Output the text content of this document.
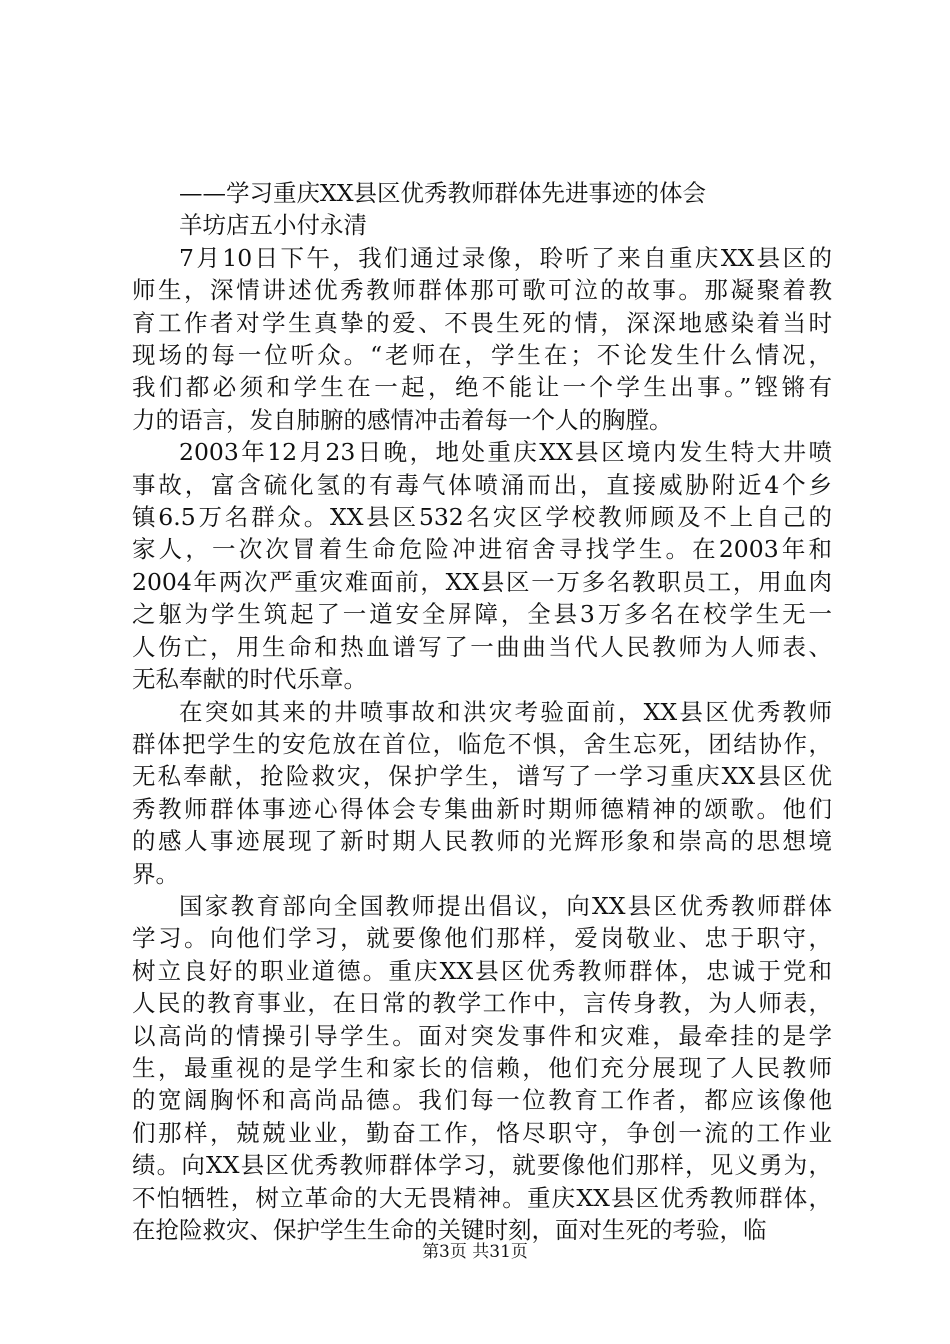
——学习重庆XX县区优秀教师群体先进事迹的体会
羊坊店五小付永清
7月10日下午，我们通过录像，聆听了来自重庆XX县区的
师生，深情讲述优秀教师群体那可歌可泣的故事。那凝聚着教
育工作者对学生真挚的爱、不畏生死的情，深深地感染着当时
现场的每一位听众。“老师在，学生在；不论发生什么情况，
我们都必须和学生在一起，绝不能让一个学生出事。”铿锵有
力的语言，发自肺腑的感情冲击着每一个人的胸膛。
2003年12月23日晚，地处重庆XX县区境内发生特大井喷
事故，富含硫化氢的有毒气体喷涌而出，直接威胁附近4个乡
镇6.5万名群众。XX县区532名灾区学校教师顾及不上自己的
家人，一次次冒着生命危险冲进宿舍寻找学生。在2003年和
2004年两次严重灾难面前，XX县区一万多名教职员工，用血肉
之躯为学生筑起了一道安全屏障，全县3万多名在校学生无一
人伤亡，用生命和热血谱写了一曲曲当代人民教师为人师表、
无私奉献的时代乐章。
在突如其来的井喷事故和洪灾考验面前，XX县区优秀教师
群体把学生的安危放在首位，临危不惧，舍生忘死，团结协作，
无私奉献，抢险救灾，保护学生，谱写了一学习重庆XX县区优
秀教师群体事迹心得体会专集曲新时期师德精神的颂歌。他们
的感人事迹展现了新时期人民教师的光辉形象和崇高的思想境
界。
国家教育部向全国教师提出倡议，向XX县区优秀教师群体
学习。向他们学习，就要像他们那样，爱岗敬业、忠于职守，
树立良好的职业道德。重庆XX县区优秀教师群体，忠诚于党和
人民的教育事业，在日常的教学工作中，言传身教，为人师表，
以高尚的情操引导学生。面对突发事件和灾难，最牵挂的是学
生，最重视的是学生和家长的信赖，他们充分展现了人民教师
的宽阔胸怀和高尚品德。我们每一位教育工作者，都应该像他
们那样，兢兢业业，勤奋工作，恪尽职守，争创一流的工作业
绩。向XX县区优秀教师群体学习，就要像他们那样，见义勇为，
不怕牺牲，树立革命的大无畏精神。重庆XX县区优秀教师群体，
在抢险救灾、保护学生生命的关键时刻，面对生死的考验，临
第3页 共31页
